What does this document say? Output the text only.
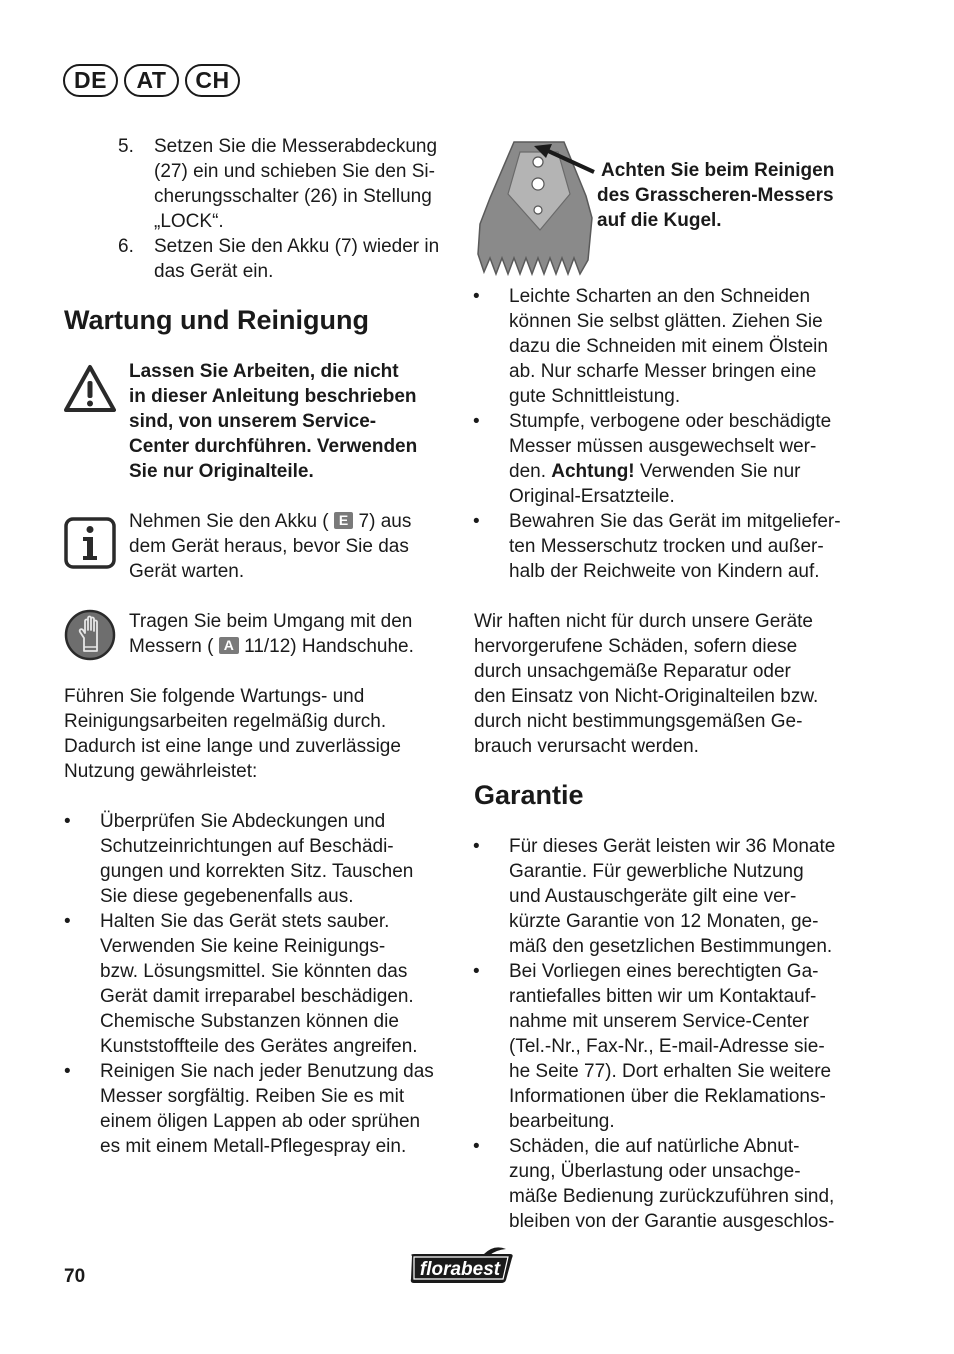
DE	AT	CH
5. Setzen Sie die Messerabdeckung
(27) ein und schieben Sie den Si-
cherungsschalter (26) in Stellung
„LOCK“.
6. Setzen Sie den Akku (7) wieder in
das Gerät ein.
Wartung und Reinigung
Lassen Sie Arbeiten, die nicht
in dieser Anleitung beschrieben
sind, von unserem Service-
Center durchführen. Verwenden
Sie nur Originalteile.
Nehmen Sie den Akku ( E 7) aus
dem Gerät heraus, bevor Sie das
Gerät warten.
Tragen Sie beim Umgang mit den
Messern ( A 11/12) Handschuhe.
Führen Sie folgende Wartungs- und
Reinigungsarbeiten regelmäßig durch.
Dadurch ist eine lange und zuverlässige
Nutzung gewährleistet:
• Überprüfen Sie Abdeckungen und
Schutzeinrichtungen auf Beschädi-
gungen und korrekten Sitz. Tauschen
Sie diese gegebenenfalls aus.
• Halten Sie das Gerät stets sauber.
Verwenden Sie keine Reinigungs-
bzw. Lösungsmittel. Sie könnten das
Gerät damit irreparabel beschädigen.
Chemische Substanzen können die
Kunststoffteile des Gerätes angreifen.
• Reinigen Sie nach jeder Benutzung das
Messer sorgfältig. Reiben Sie es mit
einem öligen Lappen ab oder sprühen
es mit einem Metall-Pflegespray ein.
Achten Sie beim Reinigen
des Grasscheren-Messers
auf die Kugel.
• Leichte Scharten an den Schneiden
können Sie selbst glätten. Ziehen Sie
dazu die Schneiden mit einem Ölstein
ab. Nur scharfe Messer bringen eine
gute Schnittleistung.
• Stumpfe, verbogene oder beschädigte
Messer müssen ausgewechselt wer-
den. Achtung! Verwenden Sie nur
Original-Ersatzteile.
• Bewahren Sie das Gerät im mitgeliefer-
ten Messerschutz trocken und außer-
halb der Reichweite von Kindern auf.
Wir haften nicht für durch unsere Geräte
hervorgerufene Schäden, sofern diese
durch unsachgemäße Reparatur oder
den Einsatz von Nicht-Originalteilen bzw.
durch nicht bestimmungsgemäßen Ge-
brauch verursacht werden.
Garantie
• Für dieses Gerät leisten wir 36 Monate
Garantie. Für gewerbliche Nutzung
und Austauschgeräte gilt eine ver-
kürzte Garantie von 12 Monaten, ge-
mäß den gesetzlichen Bestimmungen.
• Bei Vorliegen eines berechtigten Ga-
rantiefalles bitten wir um Kontaktauf-
nahme mit unserem Service-Center
(Tel.-Nr., Fax-Nr., E-mail-Adresse sie-
he Seite 77). Dort erhalten Sie weitere
Informationen über die Reklamations-
bearbeitung.
• Schäden, die auf natürliche Abnut-
zung, Überlastung oder unsachge-
mäße Bedienung zurückzuführen sind,
bleiben von der Garantie ausgeschlos-
70	florabest
